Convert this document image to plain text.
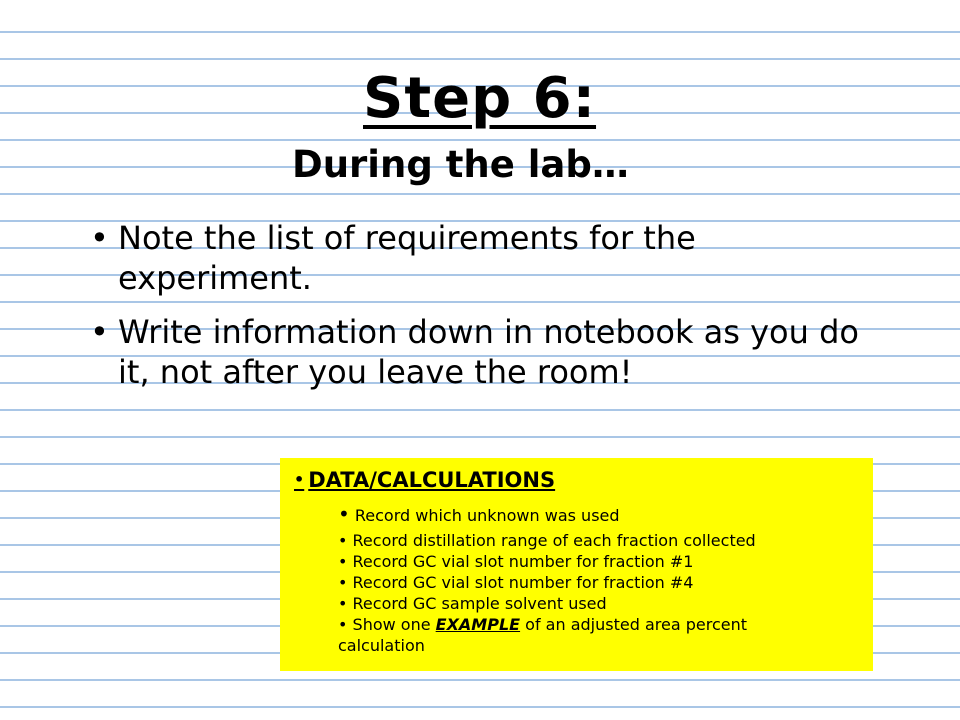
Step 6:
During the lab…
• Note the list of requirements for the experiment.
• Write information down in notebook as you do it, not after you leave the room!
• DATA/CALCULATIONS
• Record which unknown was used
• Record distillation range of each fraction collected
• Record GC vial slot number for fraction #1
• Record GC vial slot number for fraction #4
• Record GC sample solvent used
• Show one EXAMPLE of an adjusted area percent calculation
